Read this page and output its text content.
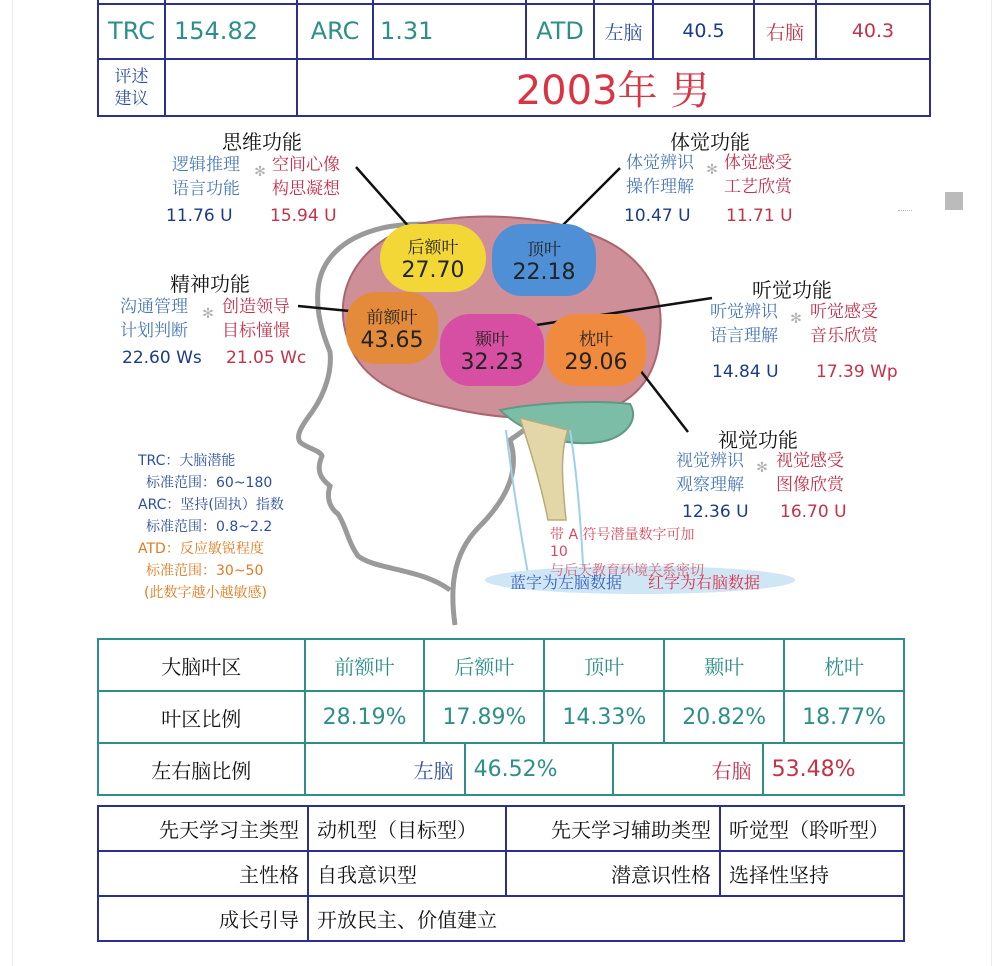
TRC 154.82	ARC 1.31	ATD	左脑	40.5	右脑	40.3
评述
建议	2003年 男
后额叶
27.70
顶叶
22.18
前额叶
43.65	颞叶
32.23
枕叶
29.06
思维功能
逻辑推理
语言功能
✻ 空间心像
构思凝想
11.76 U 15.94 U
体觉功能
体觉辨识
操作理解
✻ 体觉感受
工艺欣赏
10.47 U 11.71 U
精神功能
沟通管理
计划判断
✻ 创造领导
目标憧憬
22.60 Ws 21.05 Wc
听觉功能
听觉辨识
语言理解
✻ 听觉感受
音乐欣赏
14.84 U 17.39 Wp
视觉功能
视觉辨识
观察理解
✻ 视觉感受
图像欣赏
12.36 U 16.70 U
TRC：大脑潜能
标准范围：60~180
ARC：坚持(固执）指数
标准范围：0.8~2.2
ATD：反应敏锐程度
标准范围：30~50
(此数字越小越敏感)
带 A 符号潜量数字可加
10
与后天教育环境关系密切
蓝字为左脑数据 红字为右脑数据
大脑叶区	前额叶	后额叶	顶叶	颞叶	枕叶
叶区比例	28.19%	17.89%	14.33%	20.82%	18.77%
左右脑比例	左脑 46.52% 右脑 53.48%				
先天学习主类型	动机型（目标型）	先天学习辅助类型	听觉型（聆听型）
主性格	自我意识型	潜意识性格	选择性坚持
成长引导	开放民主、价值建立		
